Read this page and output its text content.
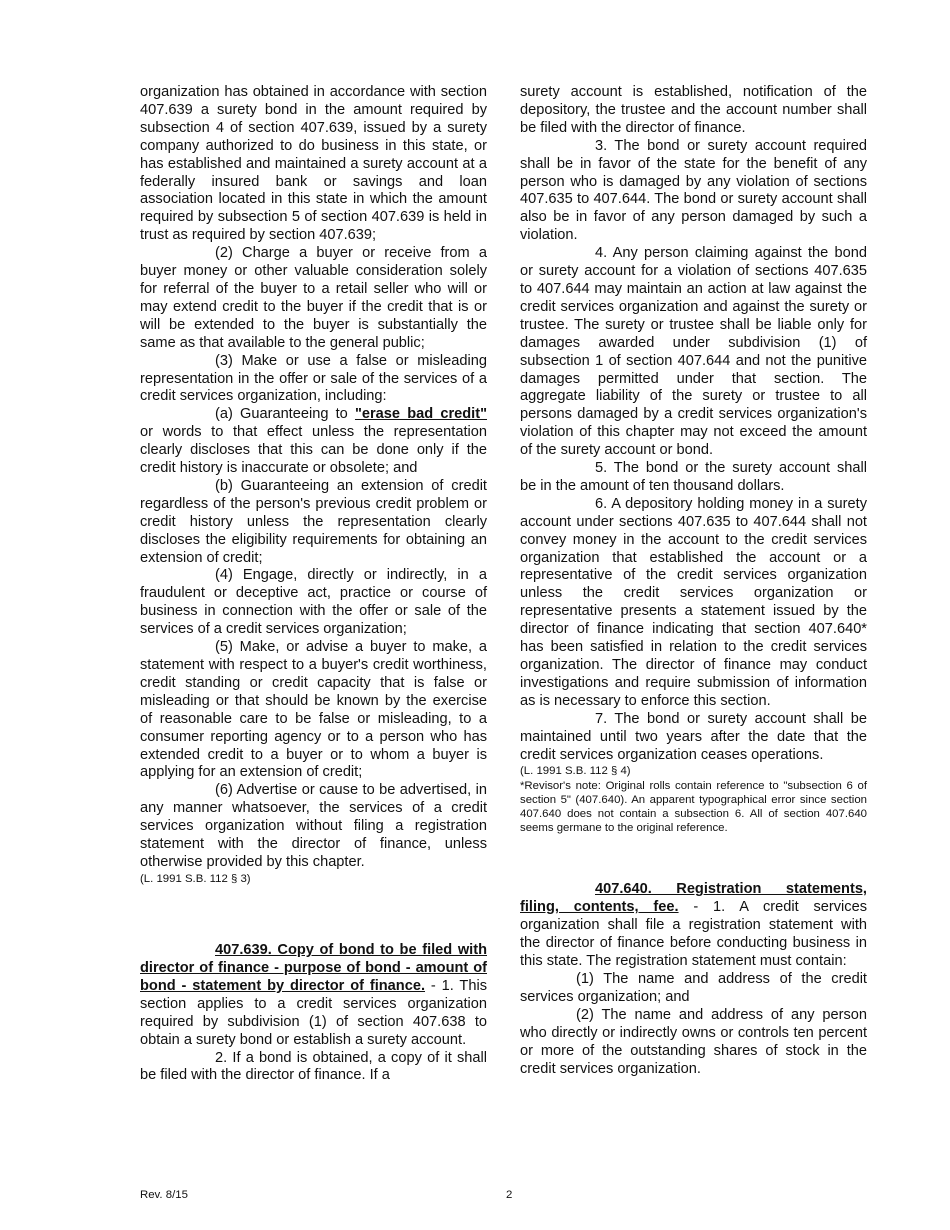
organization has obtained in accordance with section 407.639 a surety bond in the amount required by subsection 4 of section 407.639, issued by a surety company authorized to do business in this state, or has established and maintained a surety account at a federally insured bank or savings and loan association located in this state in which the amount required by subsection 5 of section 407.639 is held in trust as required by section 407.639;

(2) Charge a buyer or receive from a buyer money or other valuable consideration solely for referral of the buyer to a retail seller who will or may extend credit to the buyer if the credit that is or will be extended to the buyer is substantially the same as that available to the general public;

(3) Make or use a false or misleading representation in the offer or sale of the services of a credit services organization, including:

(a) Guaranteeing to "erase bad credit" or words to that effect unless the representation clearly discloses that this can be done only if the credit history is inaccurate or obsolete; and

(b) Guaranteeing an extension of credit regardless of the person's previous credit problem or credit history unless the representation clearly discloses the eligibility requirements for obtaining an extension of credit;

(4) Engage, directly or indirectly, in a fraudulent or deceptive act, practice or course of business in connection with the offer or sale of the services of a credit services organization;

(5) Make, or advise a buyer to make, a statement with respect to a buyer's credit worthiness, credit standing or credit capacity that is false or misleading or that should be known by the exercise of reasonable care to be false or misleading, to a consumer reporting agency or to a person who has extended credit to a buyer or to whom a buyer is applying for an extension of credit;

(6) Advertise or cause to be advertised, in any manner whatsoever, the services of a credit services organization without filing a registration statement with the director of finance, unless otherwise provided by this chapter.

(L. 1991 S.B. 112 § 3)

407.639. Copy of bond to be filed with director of finance - purpose of bond - amount of bond - statement by director of finance. - 1. This section applies to a credit services organization required by subdivision (1) of section 407.638 to obtain a surety bond or establish a surety account.

2. If a bond is obtained, a copy of it shall be filed with the director of finance. If a

surety account is established, notification of the depository, the trustee and the account number shall be filed with the director of finance.

3. The bond or surety account required shall be in favor of the state for the benefit of any person who is damaged by any violation of sections 407.635 to 407.644. The bond or surety account shall also be in favor of any person damaged by such a violation.

4. Any person claiming against the bond or surety account for a violation of sections 407.635 to 407.644 may maintain an action at law against the credit services organization and against the surety or trustee. The surety or trustee shall be liable only for damages awarded under subdivision (1) of subsection 1 of section 407.644 and not the punitive damages permitted under that section. The aggregate liability of the surety or trustee to all persons damaged by a credit services organization's violation of this chapter may not exceed the amount of the surety account or bond.

5. The bond or the surety account shall be in the amount of ten thousand dollars.

6. A depository holding money in a surety account under sections 407.635 to 407.644 shall not convey money in the account to the credit services organization that established the account or a representative of the credit services organization unless the credit services organization or representative presents a statement issued by the director of finance indicating that section 407.640* has been satisfied in relation to the credit services organization. The director of finance may conduct investigations and require submission of information as is necessary to enforce this section.

7. The bond or surety account shall be maintained until two years after the date that the credit services organization ceases operations.

(L. 1991 S.B. 112 § 4)

*Revisor's note: Original rolls contain reference to "subsection 6 of section 5" (407.640). An apparent typographical error since section 407.640 does not contain a subsection 6. All of section 407.640 seems germane to the original reference.

407.640. Registration statements, filing, contents, fee. - 1. A credit services organization shall file a registration statement with the director of finance before conducting business in this state. The registration statement must contain:

(1) The name and address of the credit services organization; and

(2) The name and address of any person who directly or indirectly owns or controls ten percent or more of the outstanding shares of stock in the credit services organization.

Rev. 8/15	2
